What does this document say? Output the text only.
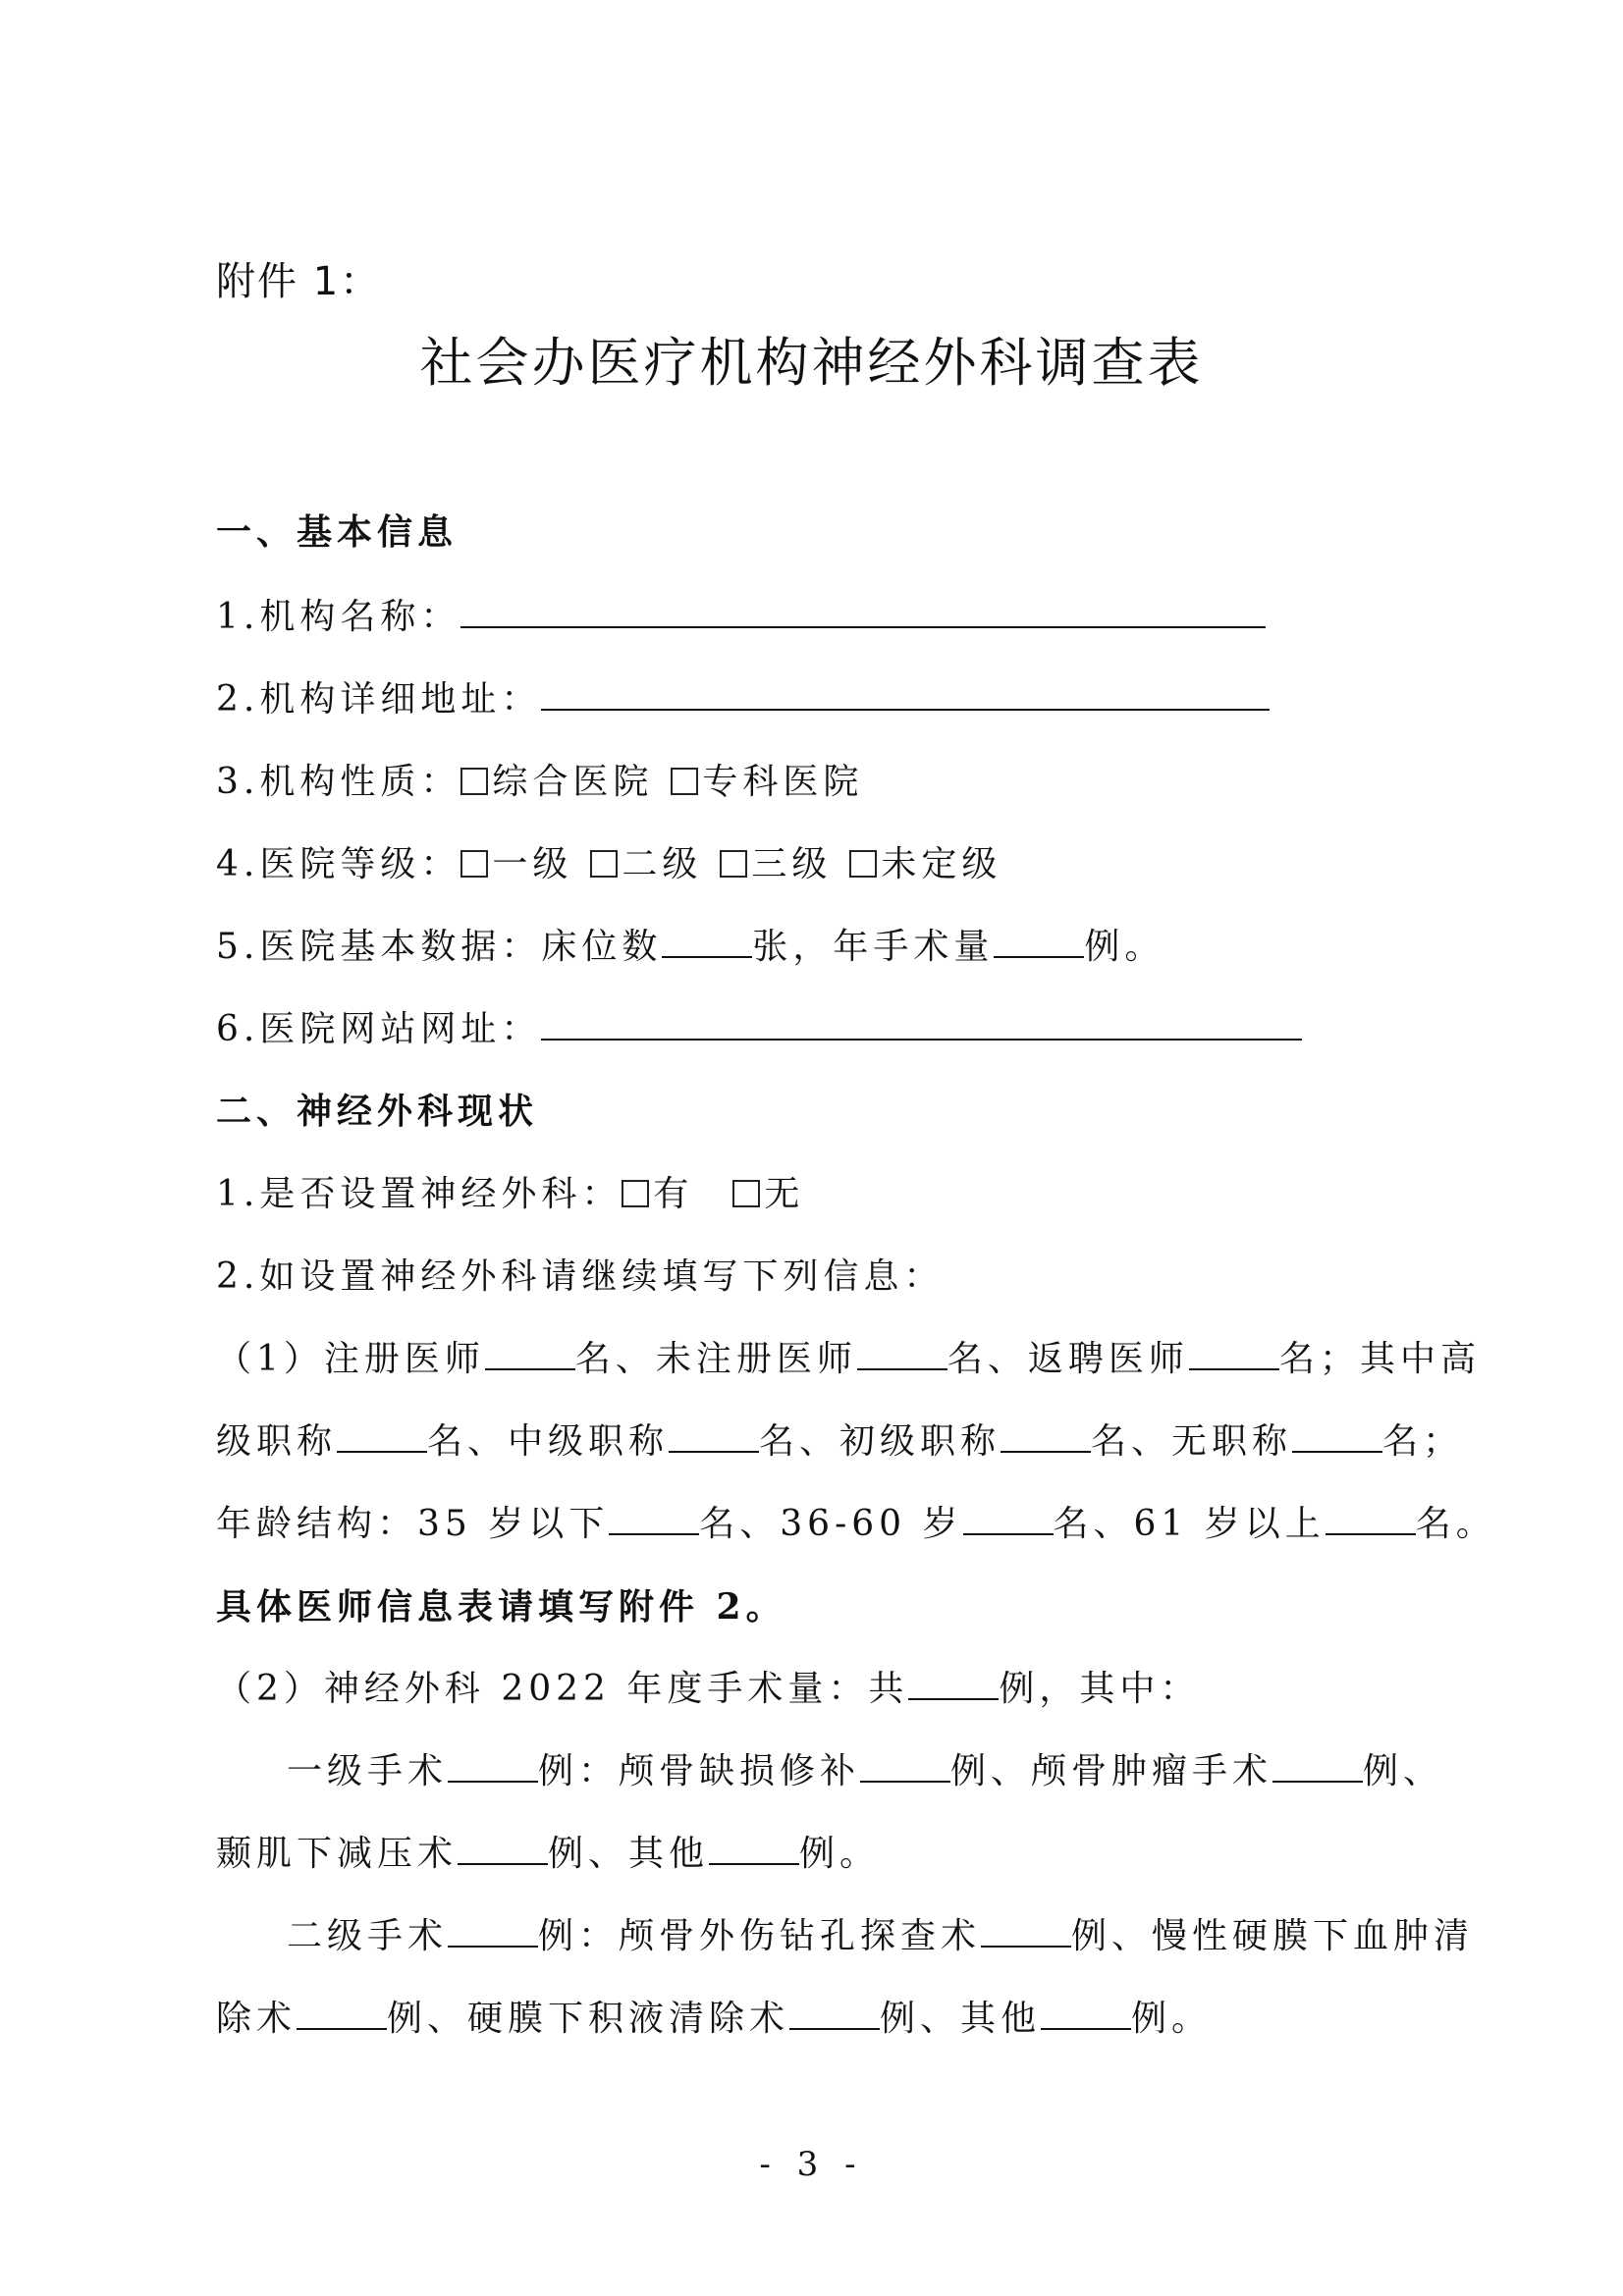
附件 1：
社会办医疗机构神经外科调查表
一、基本信息
1.机构名称：
2.机构详细地址：
3.机构性质： 综合医院 专科医院
4.医院等级： 一级 二级 三级 未定级
5.医院基本数据：床位数	张，年手术量	例。
6.医院网站网址：
二、神经外科现状
1.是否设置神经外科： 有 无
2.如设置神经外科请继续填写下列信息：
（1）注册医师	名、未注册医师	名、返聘医师	名；其中高
级职称	名、中级职称	名、初级职称	名、无职称	名；
年龄结构：35 岁以下	名、36-60 岁	名、61 岁以上	名。
具体医师信息表请填写附件 2。
（2）神经外科 2022 年度手术量：共	例，其中：
一级手术	例：颅骨缺损修补	例、颅骨肿瘤手术	例、
颞肌下减压术	例、其他	例。
二级手术	例：颅骨外伤钻孔探查术	例、慢性硬膜下血肿清
除术	例、硬膜下积液清除术	例、其他	例。
- 3 -
